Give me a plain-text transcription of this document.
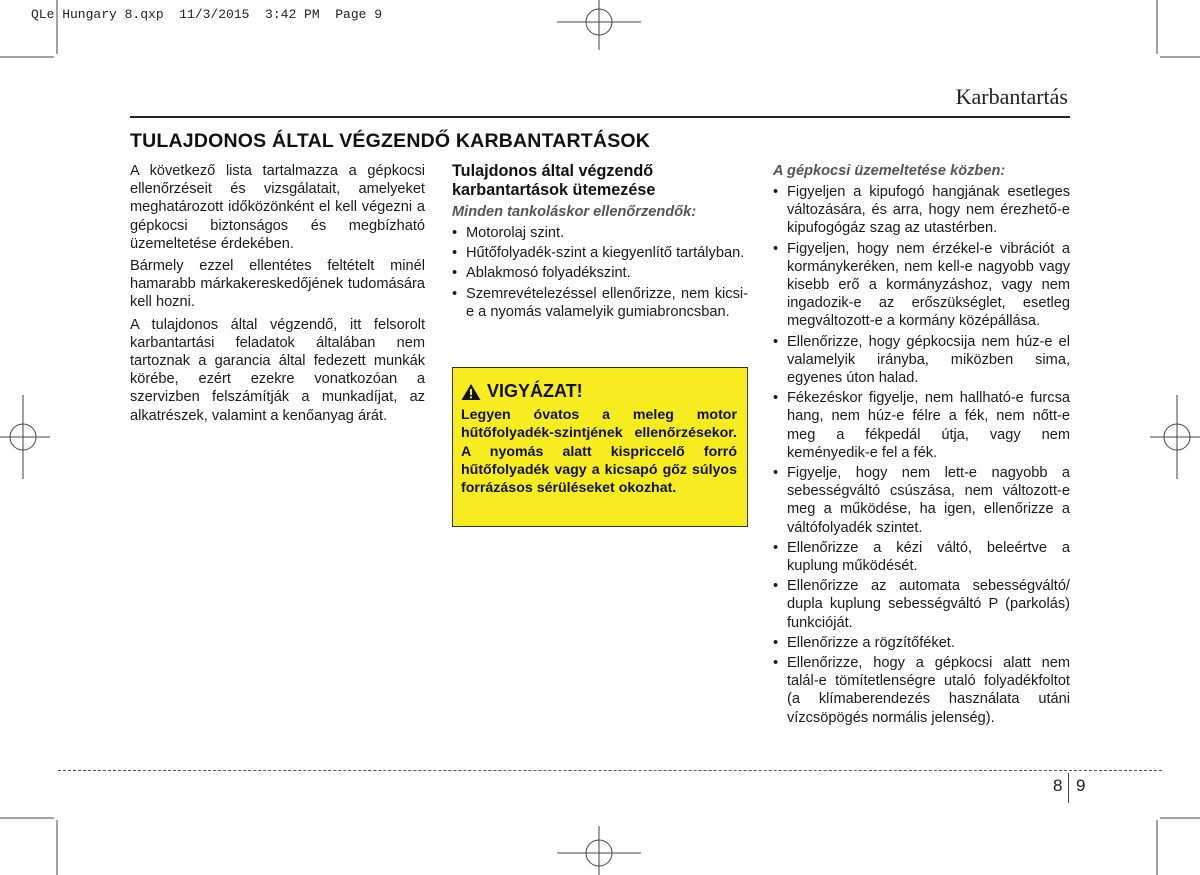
QLe Hungary 8.qxp  11/3/2015  3:42 PM  Page 9
Karbantartás
TULAJDONOS ÁLTAL VÉGZENDŐ KARBANTARTÁSOK

A következő lista tartalmazza a gépkocsi ellenőrzéseit és vizsgálatait, amelyeket meghatározott időközönként el kell végezni a gépkocsi biztonságos és megbízható üzemeltetése érdekében.

Bármely ezzel ellentétes feltételt minél hamarabb márkakereskedőjének tudomására kell hozni.

A tulajdonos által végzendő, itt felsorolt karbantartási feladatok általában nem tartoznak a garancia által fedezett munkák körébe, ezért ezekre vonatkozóan a szervizben felszámítják a munkadíjat, az alkatrészek, valamint a kenőanyag árát.

Tulajdonos által végzendő karbantartások ütemezése
Minden tankoláskor ellenőrzendők:
• Motorolaj szint.
• Hűtőfolyadék-szint a kiegyenlítő tartályban.
• Ablakmosó folyadékszint.
• Szemrevételezéssel ellenőrizze, nem kicsi-e a nyomás valamelyik gumiabroncsban.
VIGYÁZAT!

Legyen óvatos a meleg motor hűtőfolyadék-szintjének ellenőrzésekor. A nyomás alatt kispriccelő forró hűtőfolyadék vagy a kicsapó gőz súlyos forrázásos sérüléseket okozhat.

A gépkocsi üzemeltetése közben:
• Figyeljen a kipufogó hangjának esetleges változására, és arra, hogy nem érezhető-e kipufogógáz szag az utastérben.
• Figyeljen, hogy nem érzékel-e vibrációt a kormánykeréken, nem kell-e nagyobb vagy kisebb erő a kormányzáshoz, vagy nem ingadozik-e az erőszükséglet, esetleg megváltozott-e a kormány középállása.
• Ellenőrizze, hogy gépkocsija nem húz-e el valamelyik irányba, miközben sima, egyenes úton halad.
• Fékezéskor figyelje, nem hallható-e furcsa hang, nem húz-e félre a fék, nem nőtt-e meg a fékpedál útja, vagy nem keményedik-e fel a fék.
• Figyelje, hogy nem lett-e nagyobb a sebességváltó csúszása, nem változott-e meg a működése, ha igen, ellenőrizze a váltófolyadék szintet.
• Ellenőrizze a kézi váltó, beleértve a kuplung működését.
• Ellenőrizze az automata sebességváltó/ dupla kuplung sebességváltó P (parkolás) funkcióját.
• Ellenőrizze a rögzítőféket.
• Ellenőrizze, hogy a gépkocsi alatt nem talál-e tömítetlenségre utaló folyadékfoltot (a klímaberendezés használata utáni vízcsöpögés normális jelenség).
8 9
